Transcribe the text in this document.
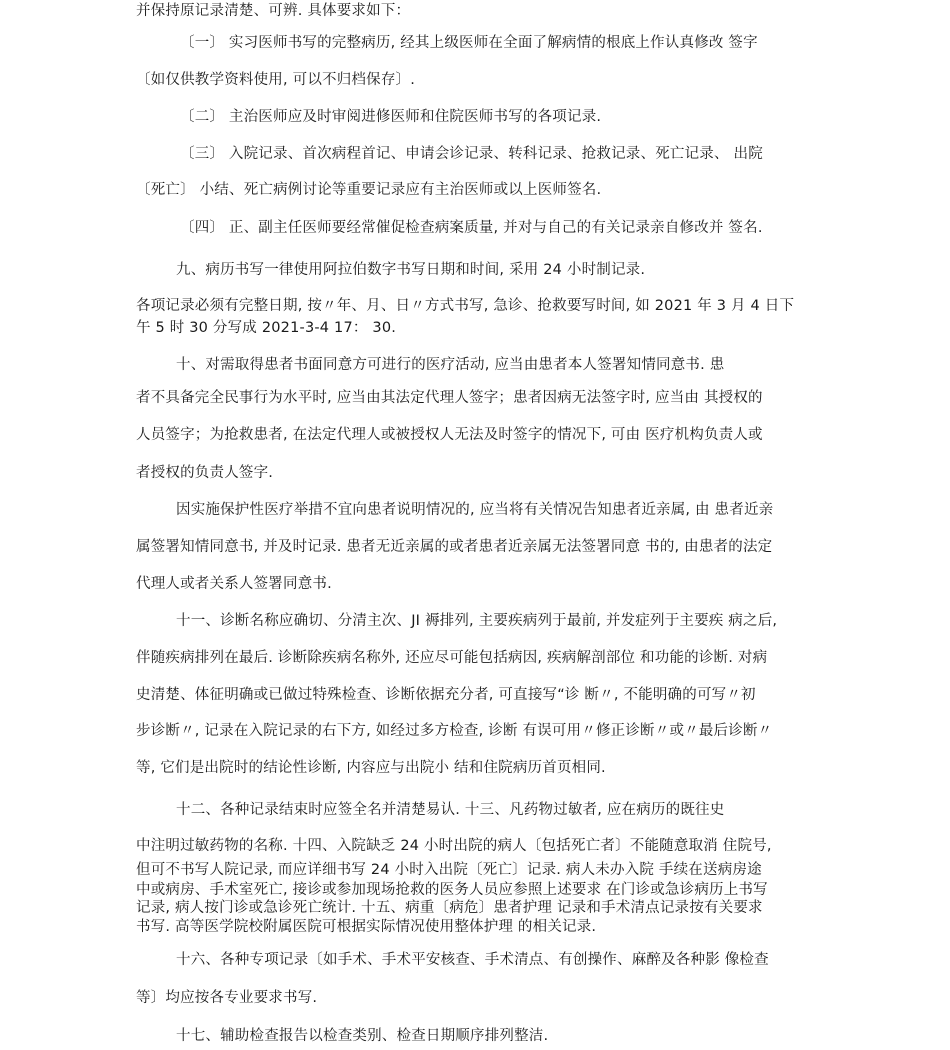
并保持原记录清楚、可辨. 具体要求如下：
〔一〕 实习医师书写的完整病历, 经其上级医师在全面了解病情的根底上作认真修改 签字
〔如仅供教学资料使用, 可以不归档保存〕.
〔二〕 主治医师应及时审阅进修医师和住院医师书写的各项记录.
〔三〕 入院记录、首次病程首记、申请会诊记录、转科记录、抢救记录、死亡记录、 出院
〔死亡〕 小结、死亡病例讨论等重要记录应有主治医师或以上医师签名.
〔四〕 正、副主任医师要经常催促检查病案质量, 并对与自己的有关记录亲自修改并 签名.
九、病历书写一律使用阿拉伯数字书写日期和时间, 采用 24 小时制记录.
各项记录必须有完整日期, 按〃年、月、日〃方式书写, 急诊、抢救要写时间, 如 2021 年 3 月 4 日下
午 5 时 30 分写成 2021-3-4 17： 30.
十、对需取得患者书面同意方可进行的医疗活动, 应当由患者本人签署知情同意书. 患
者不具备完全民事行为水平时, 应当由其法定代理人签字；患者因病无法签字时, 应当由 其授权的
人员签字；为抢救患者, 在法定代理人或被授权人无法及时签字的情况下, 可由 医疗机构负责人或
者授权的负责人签字.
因实施保护性医疗举措不宜向患者说明情况的, 应当将有关情况告知患者近亲属, 由 患者近亲
属签署知情同意书, 并及时记录. 患者无近亲属的或者患者近亲属无法签署同意 书的, 由患者的法定
代理人或者关系人签署同意书.
十一、诊断名称应确切、分清主次、JI 褥排列, 主要疾病列于最前, 并发症列于主要疾 病之后,
伴随疾病排列在最后. 诊断除疾病名称外, 还应尽可能包括病因, 疾病解剖部位 和功能的诊断. 对病
史清楚、体征明确或已做过特殊检查、诊断依据充分者, 可直接写“诊 断〃, 不能明确的可写〃初
步诊断〃, 记录在入院记录的右下方, 如经过多方检查, 诊断 有误可用〃修正诊断〃或〃最后诊断〃
等, 它们是出院时的结论性诊断, 内容应与出院小 结和住院病历首页相同.
十二、各种记录结束时应签全名并清楚易认. 十三、凡药物过敏者, 应在病历的既往史
中注明过敏药物的名称. 十四、入院缺乏 24 小时出院的病人〔包括死亡者〕不能随意取消 住院号,
但可不书写人院记录, 而应详细书写 24 小时入出院〔死亡〕记录. 病人未办入院 手续在送病房途
中或病房、手术室死亡, 接诊或参加现场抢救的医务人员应参照上述要求 在门诊或急诊病历上书写
记录, 病人按门诊或急诊死亡统计. 十五、病重〔病危〕患者护理 记录和手术清点记录按有关要求
书写. 高等医学院校附属医院可根据实际情况使用整体护理 的相关记录.
十六、各种专项记录〔如手术、手术平安核查、手术清点、有创操作、麻醉及各种影 像检查
等〕均应按各专业要求书写.
十七、辅助检查报告以检查类别、检查日期顺序排列整洁.
